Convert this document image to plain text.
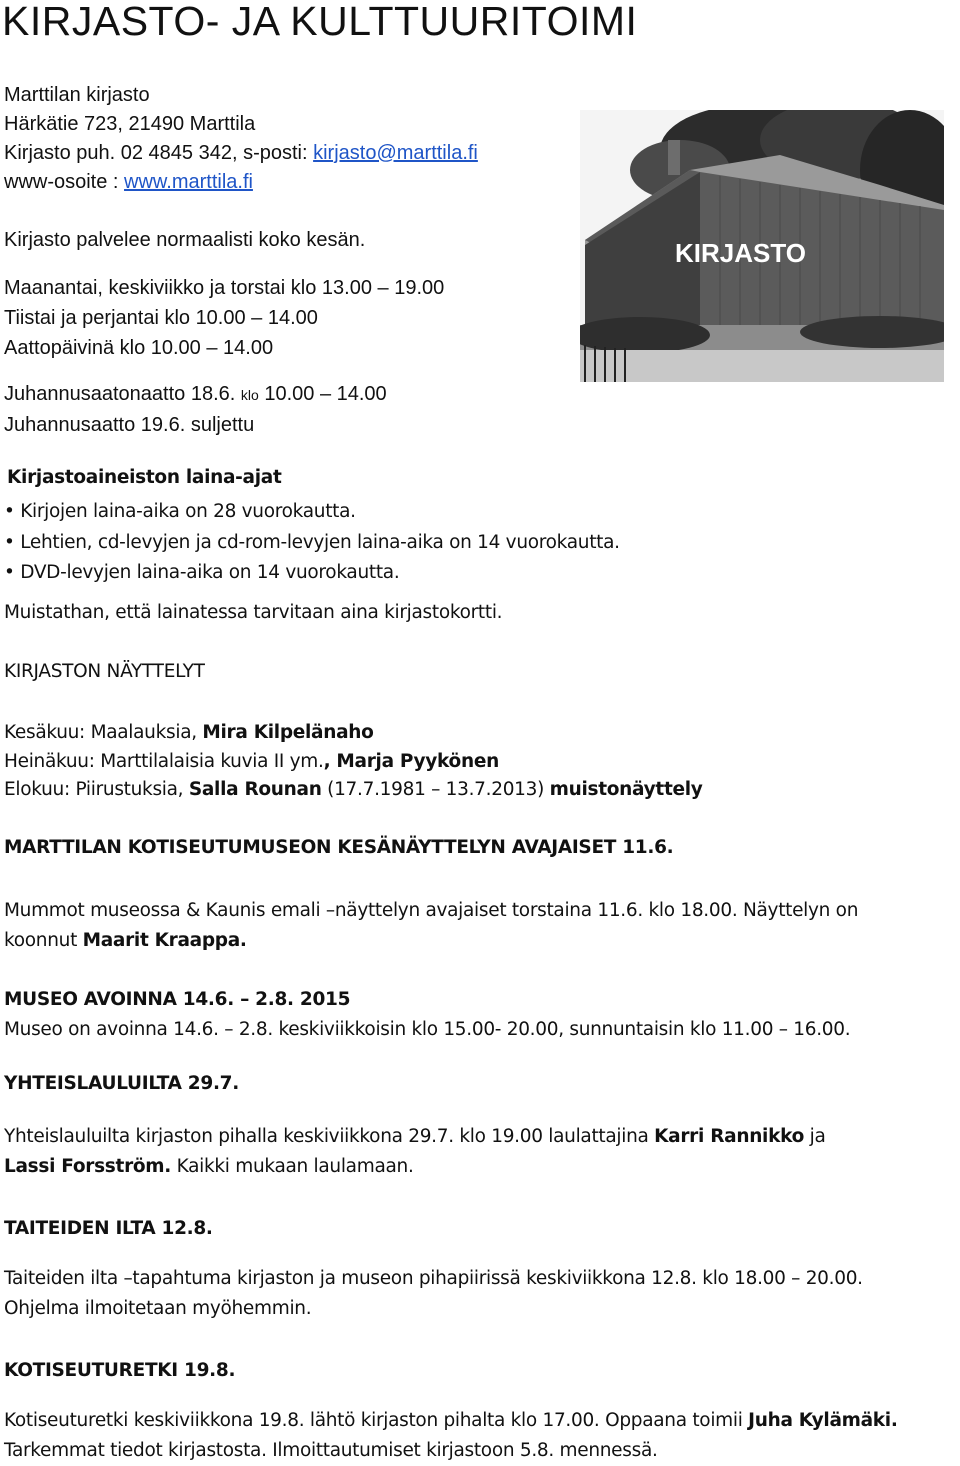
KIRJASTO- JA KULTTUURITOIMI
Marttilan kirjasto
Härkätie 723, 21490 Marttila
Kirjasto puh. 02 4845 342, s-posti: kirjasto@marttila.fi
www-osoite : www.marttila.fi
Kirjasto palvelee normaalisti koko kesän.
Maanantai, keskiviikko ja torstai klo 13.00 – 19.00
Tiistai ja perjantai klo 10.00 – 14.00
Aattopäivinä klo 10.00 – 14.00
Juhannusaatonaatto 18.6. klo 10.00 – 14.00
Juhannusaatto 19.6. suljettu
KIRJASTO
Kirjastoaineiston laina-ajat
• Kirjojen laina-aika on 28 vuorokautta.
• Lehtien, cd-levyjen ja cd-rom-levyjen laina-aika on 14 vuorokautta.
• DVD-levyjen laina-aika on 14 vuorokautta.
Muistathan, että lainatessa tarvitaan aina kirjastokortti.
KIRJASTON NÄYTTELYT
Kesäkuu: Maalauksia, Mira Kilpelänaho
Heinäkuu: Marttilalaisia kuvia II ym., Marja Pyykönen
Elokuu: Piirustuksia, Salla Rounan (17.7.1981 – 13.7.2013) muistonäyttely
MARTTILAN KOTISEUTUMUSEON KESÄNÄYTTELYN AVAJAISET 11.6.
Mummot museossa & Kaunis emali –näyttelyn avajaiset torstaina 11.6. klo 18.00. Näyttelyn on
koonnut Maarit Kraappa.
MUSEO AVOINNA 14.6. – 2.8. 2015
Museo on avoinna 14.6. – 2.8. keskiviikkoisin klo 15.00- 20.00, sunnuntaisin klo 11.00 – 16.00.
YHTEISLAULUILTA 29.7.
Yhteislauluilta kirjaston pihalla keskiviikkona 29.7. klo 19.00 laulattajina Karri Rannikko ja
Lassi Forsström. Kaikki mukaan laulamaan.
TAITEIDEN ILTA 12.8.
Taiteiden ilta –tapahtuma kirjaston ja museon pihapiirissä keskiviikkona 12.8. klo 18.00 – 20.00.
Ohjelma ilmoitetaan myöhemmin.
KOTISEUTURETKI 19.8.
Kotiseuturetki keskiviikkona 19.8. lähtö kirjaston pihalta klo 17.00. Oppaana toimii Juha Kylämäki.
Tarkemmat tiedot kirjastosta. Ilmoittautumiset kirjastoon 5.8. mennessä.
